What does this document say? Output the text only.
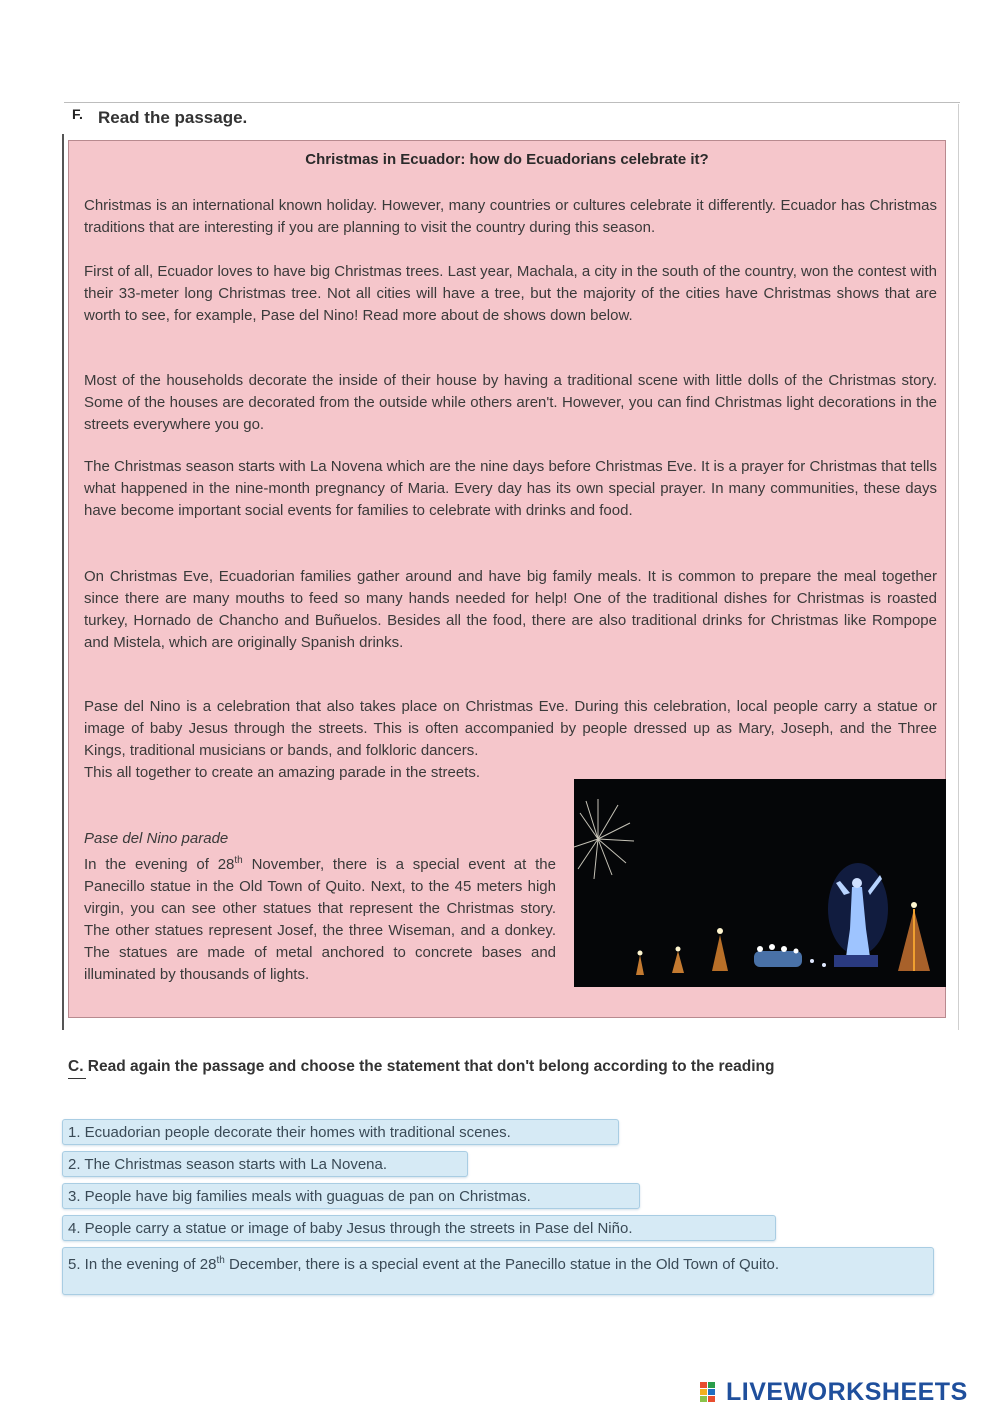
F. Read the passage.
Christmas in Ecuador: how do Ecuadorians celebrate it?
Christmas is an international known holiday. However, many countries or cultures celebrate it differently. Ecuador has Christmas traditions that are interesting if you are planning to visit the country during this season.
First of all, Ecuador loves to have big Christmas trees. Last year, Machala, a city in the south of the country, won the contest with their 33-meter long Christmas tree. Not all cities will have a tree, but the majority of the cities have Christmas shows that are worth to see, for example, Pase del Nino! Read more about de shows down below.
Most of the households decorate the inside of their house by having a traditional scene with little dolls of the Christmas story. Some of the houses are decorated from the outside while others aren't. However, you can find Christmas light decorations in the streets everywhere you go.
The Christmas season starts with La Novena which are the nine days before Christmas Eve. It is a prayer for Christmas that tells what happened in the nine-month pregnancy of Maria. Every day has its own special prayer. In many communities, these days have become important social events for families to celebrate with drinks and food.
On Christmas Eve, Ecuadorian families gather around and have big family meals. It is common to prepare the meal together since there are many mouths to feed so many hands needed for help! One of the traditional dishes for Christmas is roasted turkey, Hornado de Chancho and Buñuelos. Besides all the food, there are also traditional drinks for Christmas like Rompope and Mistela, which are originally Spanish drinks.
Pase del Nino is a celebration that also takes place on Christmas Eve. During this celebration, local people carry a statue or image of baby Jesus through the streets. This is often accompanied by people dressed up as Mary, Joseph, and the Three Kings, traditional musicians or bands, and folkloric dancers.
This all together to create an amazing parade in the streets.
Pase del Nino parade
In the evening of 28th November, there is a special event at the Panecillo statue in the Old Town of Quito. Next, to the 45 meters high virgin, you can see other statues that represent the Christmas story. The other statues represent Josef, the three Wiseman, and a donkey. The statues are made of metal anchored to concrete bases and illuminated by thousands of lights.
C. Read again the passage and choose the statement that don't belong according to the reading
1. Ecuadorian people decorate their homes with traditional scenes.
2. The Christmas season starts with La Novena.
3. People have big families meals with guaguas de pan on Christmas.
4. People carry a statue or image of baby Jesus through the streets in Pase del Niño.
5. In the evening of 28th December, there is a special event at the Panecillo statue in the Old Town of Quito.
LIVEWORKSHEETS
